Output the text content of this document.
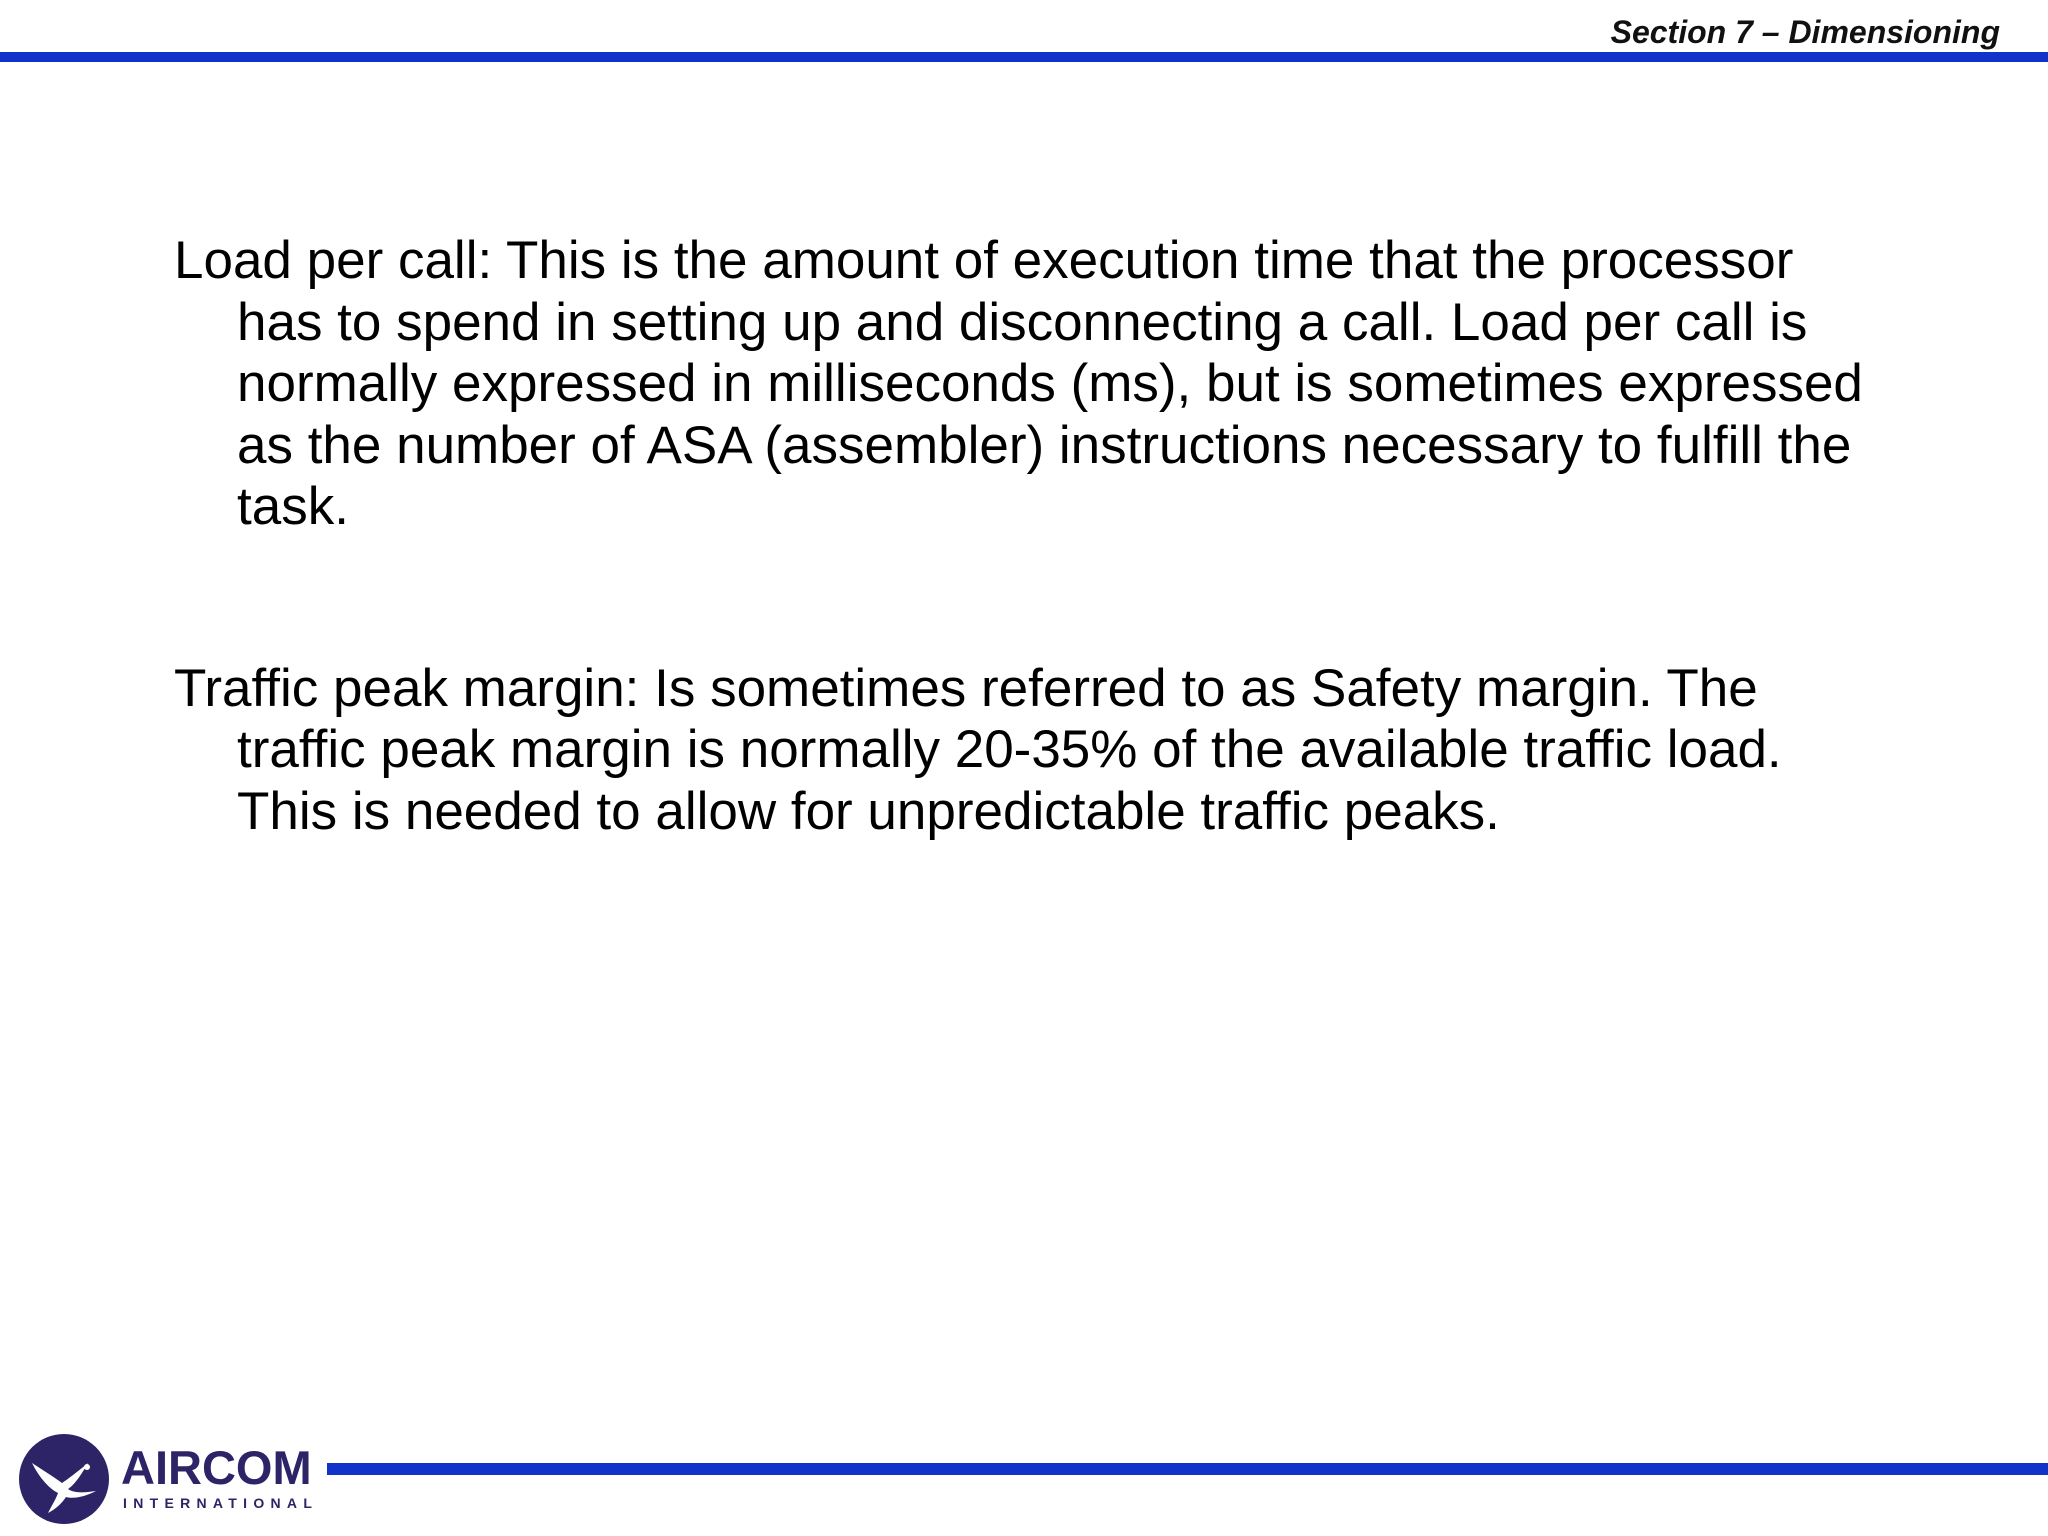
Section 7 – Dimensioning

Load per call: This is the amount of execution time that the processor has to spend in setting up and disconnecting a call. Load per call is normally expressed in milliseconds (ms), but is sometimes expressed as the number of ASA (assembler) instructions necessary to fulfill the task.

Traffic peak margin: Is sometimes referred to as Safety margin. The traffic peak margin is normally 20-35% of the available traffic load. This is needed to allow for unpredictable traffic peaks.

AIRCOM
INTERNATIONAL
